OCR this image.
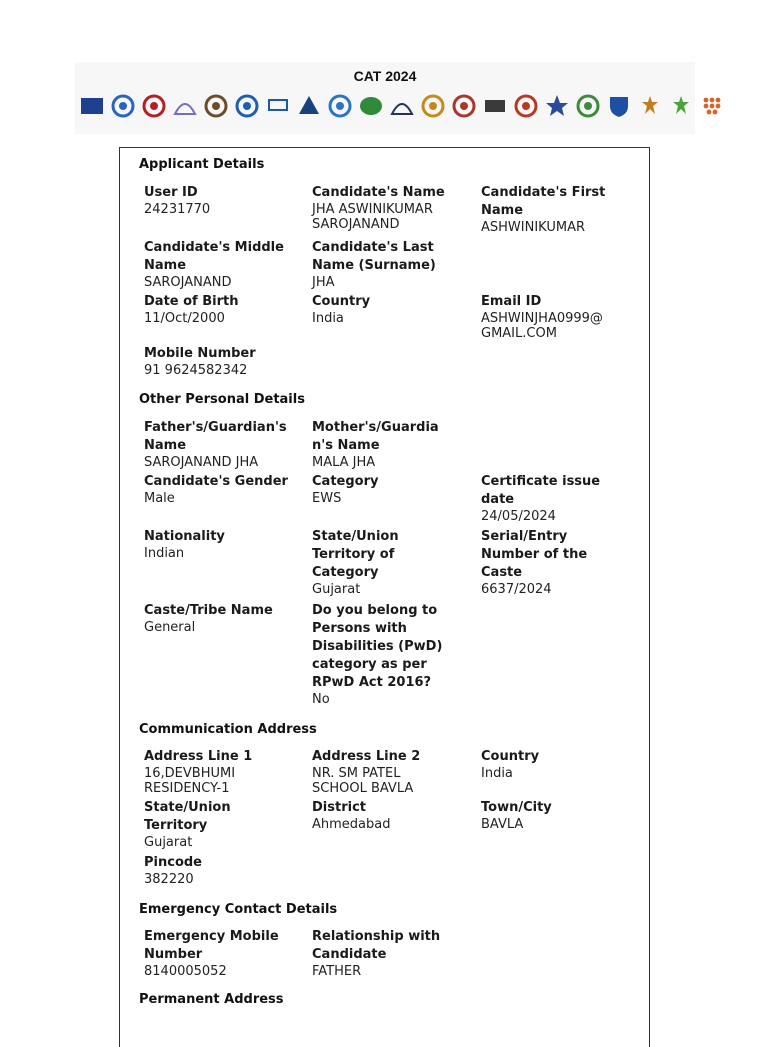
CAT 2024
Applicant Details
User ID
24231770
Candidate's Name
JHA ASWINIKUMAR SAROJANAND
Candidate's First Name
ASHWINIKUMAR
Candidate's Middle Name
SAROJANAND
Candidate's Last Name (Surname)
JHA
Date of Birth
11/Oct/2000
Country
India
Email ID
ASHWINJHA0999@GMAIL.COM
Mobile Number
91 9624582342
Other Personal Details
Father's/Guardian's Name
SAROJANAND JHA
Mother's/Guardian's Name
MALA JHA
Candidate's Gender
Male
Category
EWS
Certificate issue date
24/05/2024
Nationality
Indian
State/Union Territory of Category
Gujarat
Serial/Entry Number of the Caste
6637/2024
Caste/Tribe Name
General
Do you belong to Persons with Disabilities (PwD) category as per RPwD Act 2016?
No
Communication Address
Address Line 1
16,DEVBHUMI RESIDENCY-1
Address Line 2
NR. SM PATEL SCHOOL BAVLA
Country
India
State/Union Territory
Gujarat
District
Ahmedabad
Town/City
BAVLA
Pincode
382220
Emergency Contact Details
Emergency Mobile Number
8140005052
Relationship with Candidate
FATHER
Permanent Address
